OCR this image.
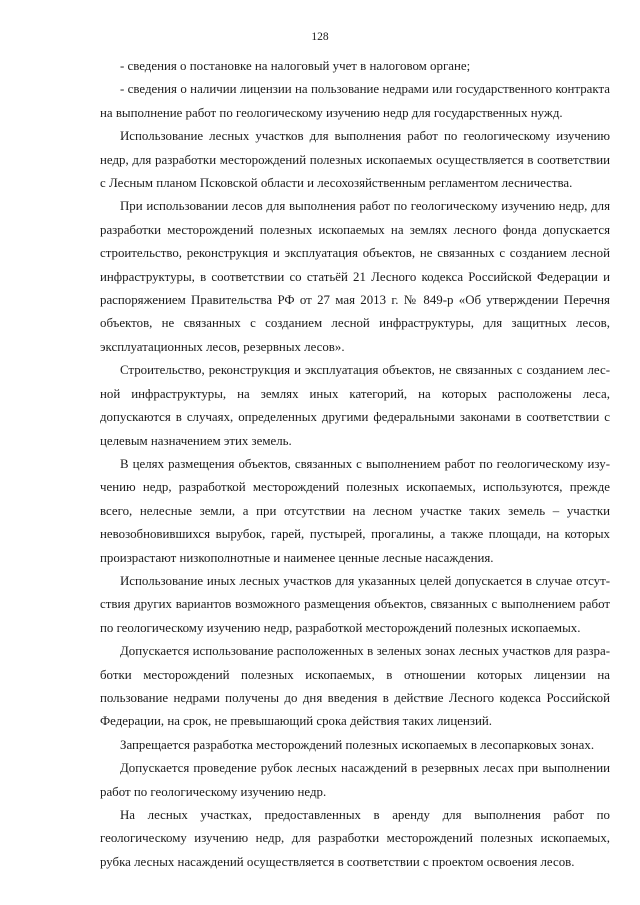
128

- сведения о постановке на налоговый учет в налоговом органе;

- сведения о наличии лицензии на пользование недрами или государственного контракта на выполнение работ по геологическому изучению недр для государственных нужд.

Использование лесных участков для выполнения работ по геологическому изучению недр, для разработки месторождений полезных ископаемых осуществляется в соответствии с Лесным планом Псковской области и лесохозяйственным регламентом лесничества.

При использовании лесов для выполнения работ по геологическому изучению недр, для разработки месторождений полезных ископаемых на землях лесного фонда допускается строительство, реконструкция и эксплуатация объектов, не связанных с созданием лесной инфраструктуры, в соответствии со статьёй 21 Лесного кодекса Российской Федерации и распоряжением Правительства РФ от 27 мая 2013 г. № 849-р «Об утверждении Перечня объектов, не связанных с созданием лесной инфраструктуры, для защитных лесов, эксплуатационных лесов, резервных лесов».

Строительство, реконструкция и эксплуатация объектов, не связанных с созданием лесной инфраструктуры, на землях иных категорий, на которых расположены леса, допускаются в случаях, определенных другими федеральными законами в соответствии с целевым назначением этих земель.

В целях размещения объектов, связанных с выполнением работ по геологическому изучению недр, разработкой месторождений полезных ископаемых, используются, прежде всего, нелесные земли, а при отсутствии на лесном участке таких земель – участки невозобновившихся вырубок, гарей, пустырей, прогалины, а также площади, на которых произрастают низкополнотные и наименее ценные лесные насаждения.

Использование иных лесных участков для указанных целей допускается в случае отсутствия других вариантов возможного размещения объектов, связанных с выполнением работ по геологическому изучению недр, разработкой месторождений полезных ископаемых.

Допускается использование расположенных в зеленых зонах лесных участков для разработки месторождений полезных ископаемых, в отношении которых лицензии на пользование недрами получены до дня введения в действие Лесного кодекса Российской Федерации, на срок, не превышающий срока действия таких лицензий.

Запрещается разработка месторождений полезных ископаемых в лесопарковых зонах.

Допускается проведение рубок лесных насаждений в резервных лесах при выполнении работ по геологическому изучению недр.

На лесных участках, предоставленных в аренду для выполнения работ по геологическому изучению недр, для разработки месторождений полезных ископаемых, рубка лесных насаждений осуществляется в соответствии с проектом освоения лесов.
